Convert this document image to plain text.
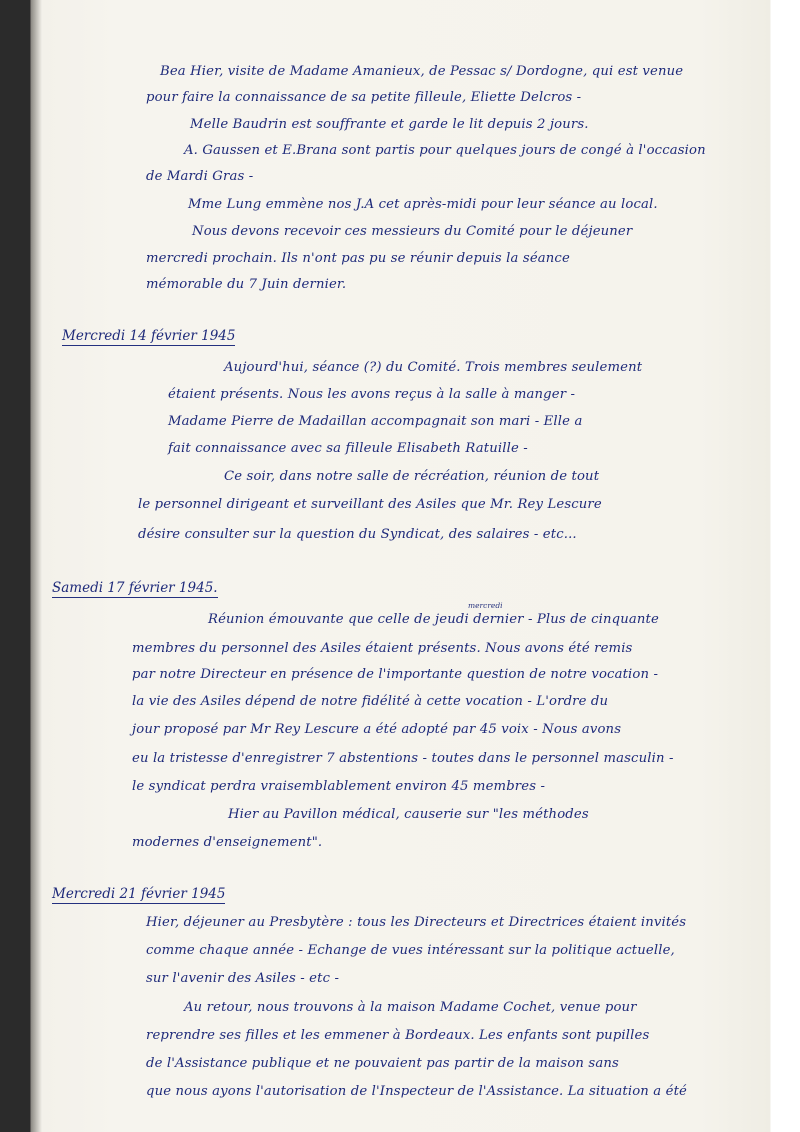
Bea Hier, visite de Madame Amanieux, de Pessac s/ Dordogne, qui est venue
pour faire la connaissance de sa petite filleule, Eliette Delcros -
Melle Baudrin est souffrante et garde le lit depuis 2 jours.
A. Gaussen et E.Brana sont partis pour quelques jours de congé à l'occasion
de Mardi Gras -
Mme Lung emmène nos J.A cet après-midi pour leur séance au local.
Nous devons recevoir ces messieurs du Comité pour le déjeuner
mercredi prochain. Ils n'ont pas pu se réunir depuis la séance
mémorable du 7 Juin dernier.
Mercredi 14 février 1945
Aujourd'hui, séance (?) du Comité. Trois membres seulement
étaient présents. Nous les avons reçus à la salle à manger -
Madame Pierre de Madaillan accompagnait son mari - Elle a
fait connaissance avec sa filleule Elisabeth Ratuille -
Ce soir, dans notre salle de récréation, réunion de tout
le personnel dirigeant et surveillant des Asiles que Mr. Rey Lescure
désire consulter sur la question du Syndicat, des salaires - etc...
Samedi 17 février 1945.
mercredi
Réunion émouvante que celle de jeudi dernier - Plus de cinquante
membres du personnel des Asiles étaient présents. Nous avons été remis
par notre Directeur en présence de l'importante question de notre vocation -
la vie des Asiles dépend de notre fidélité à cette vocation - L'ordre du
jour proposé par Mr Rey Lescure a été adopté par 45 voix - Nous avons
eu la tristesse d'enregistrer 7 abstentions - toutes dans le personnel masculin -
le syndicat perdra vraisemblablement environ 45 membres -
Hier au Pavillon médical, causerie sur "les méthodes
modernes d'enseignement".
Mercredi 21 février 1945
Hier, déjeuner au Presbytère : tous les Directeurs et Directrices étaient invités
comme chaque année - Echange de vues intéressant sur la politique actuelle,
sur l'avenir des Asiles - etc -
Au retour, nous trouvons à la maison Madame Cochet, venue pour
reprendre ses filles et les emmener à Bordeaux. Les enfants sont pupilles
de l'Assistance publique et ne pouvaient pas partir de la maison sans
que nous ayons l'autorisation de l'Inspecteur de l'Assistance. La situation a été
